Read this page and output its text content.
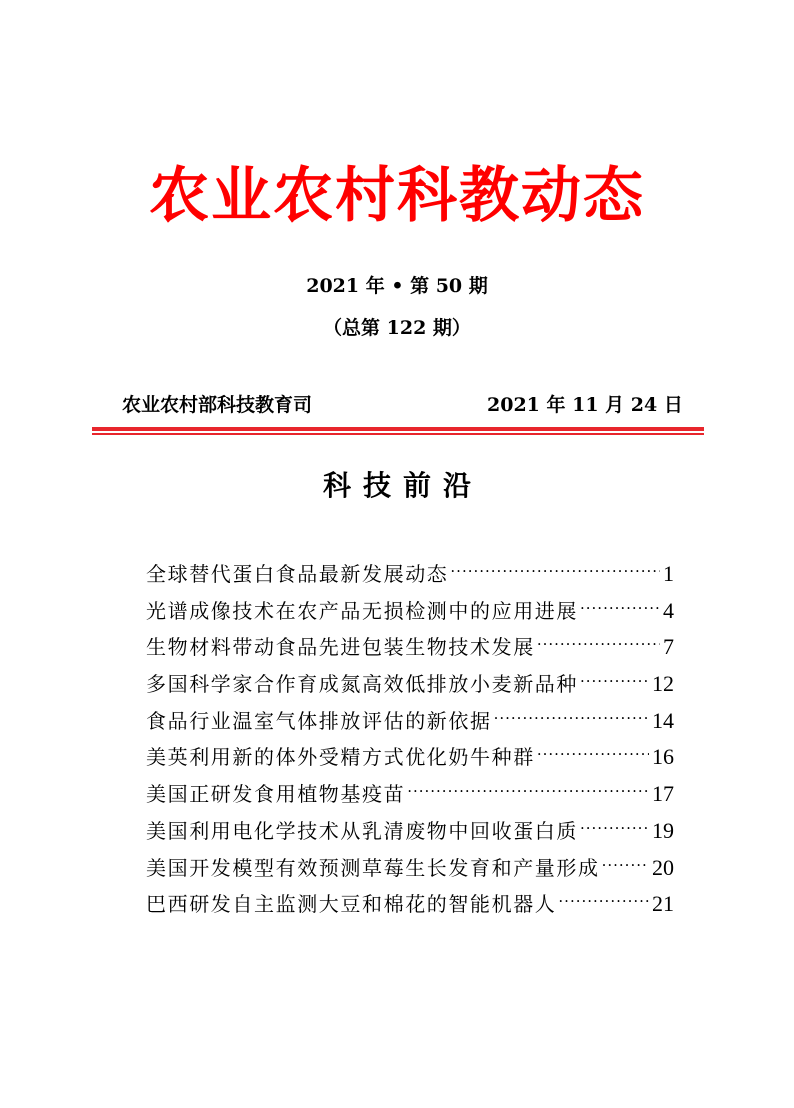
农业农村科教动态
2021 年 • 第 50 期
（总第 122 期）
农业农村部科技教育司	2021 年 11 月 24 日
科技前沿
全球替代蛋白食品最新发展动态 .....	1
光谱成像技术在农产品无损检测中的应用进展 .....	4
生物材料带动食品先进包装生物技术发展 .....	7
多国科学家合作育成氮高效低排放小麦新品种 .....	12
食品行业温室气体排放评估的新依据 .....	14
美英利用新的体外受精方式优化奶牛种群 .....	16
美国正研发食用植物基疫苗 .....	17
美国利用电化学技术从乳清废物中回收蛋白质 .....	19
美国开发模型有效预测草莓生长发育和产量形成 ..... 20
巴西研发自主监测大豆和棉花的智能机器人 .....	21
